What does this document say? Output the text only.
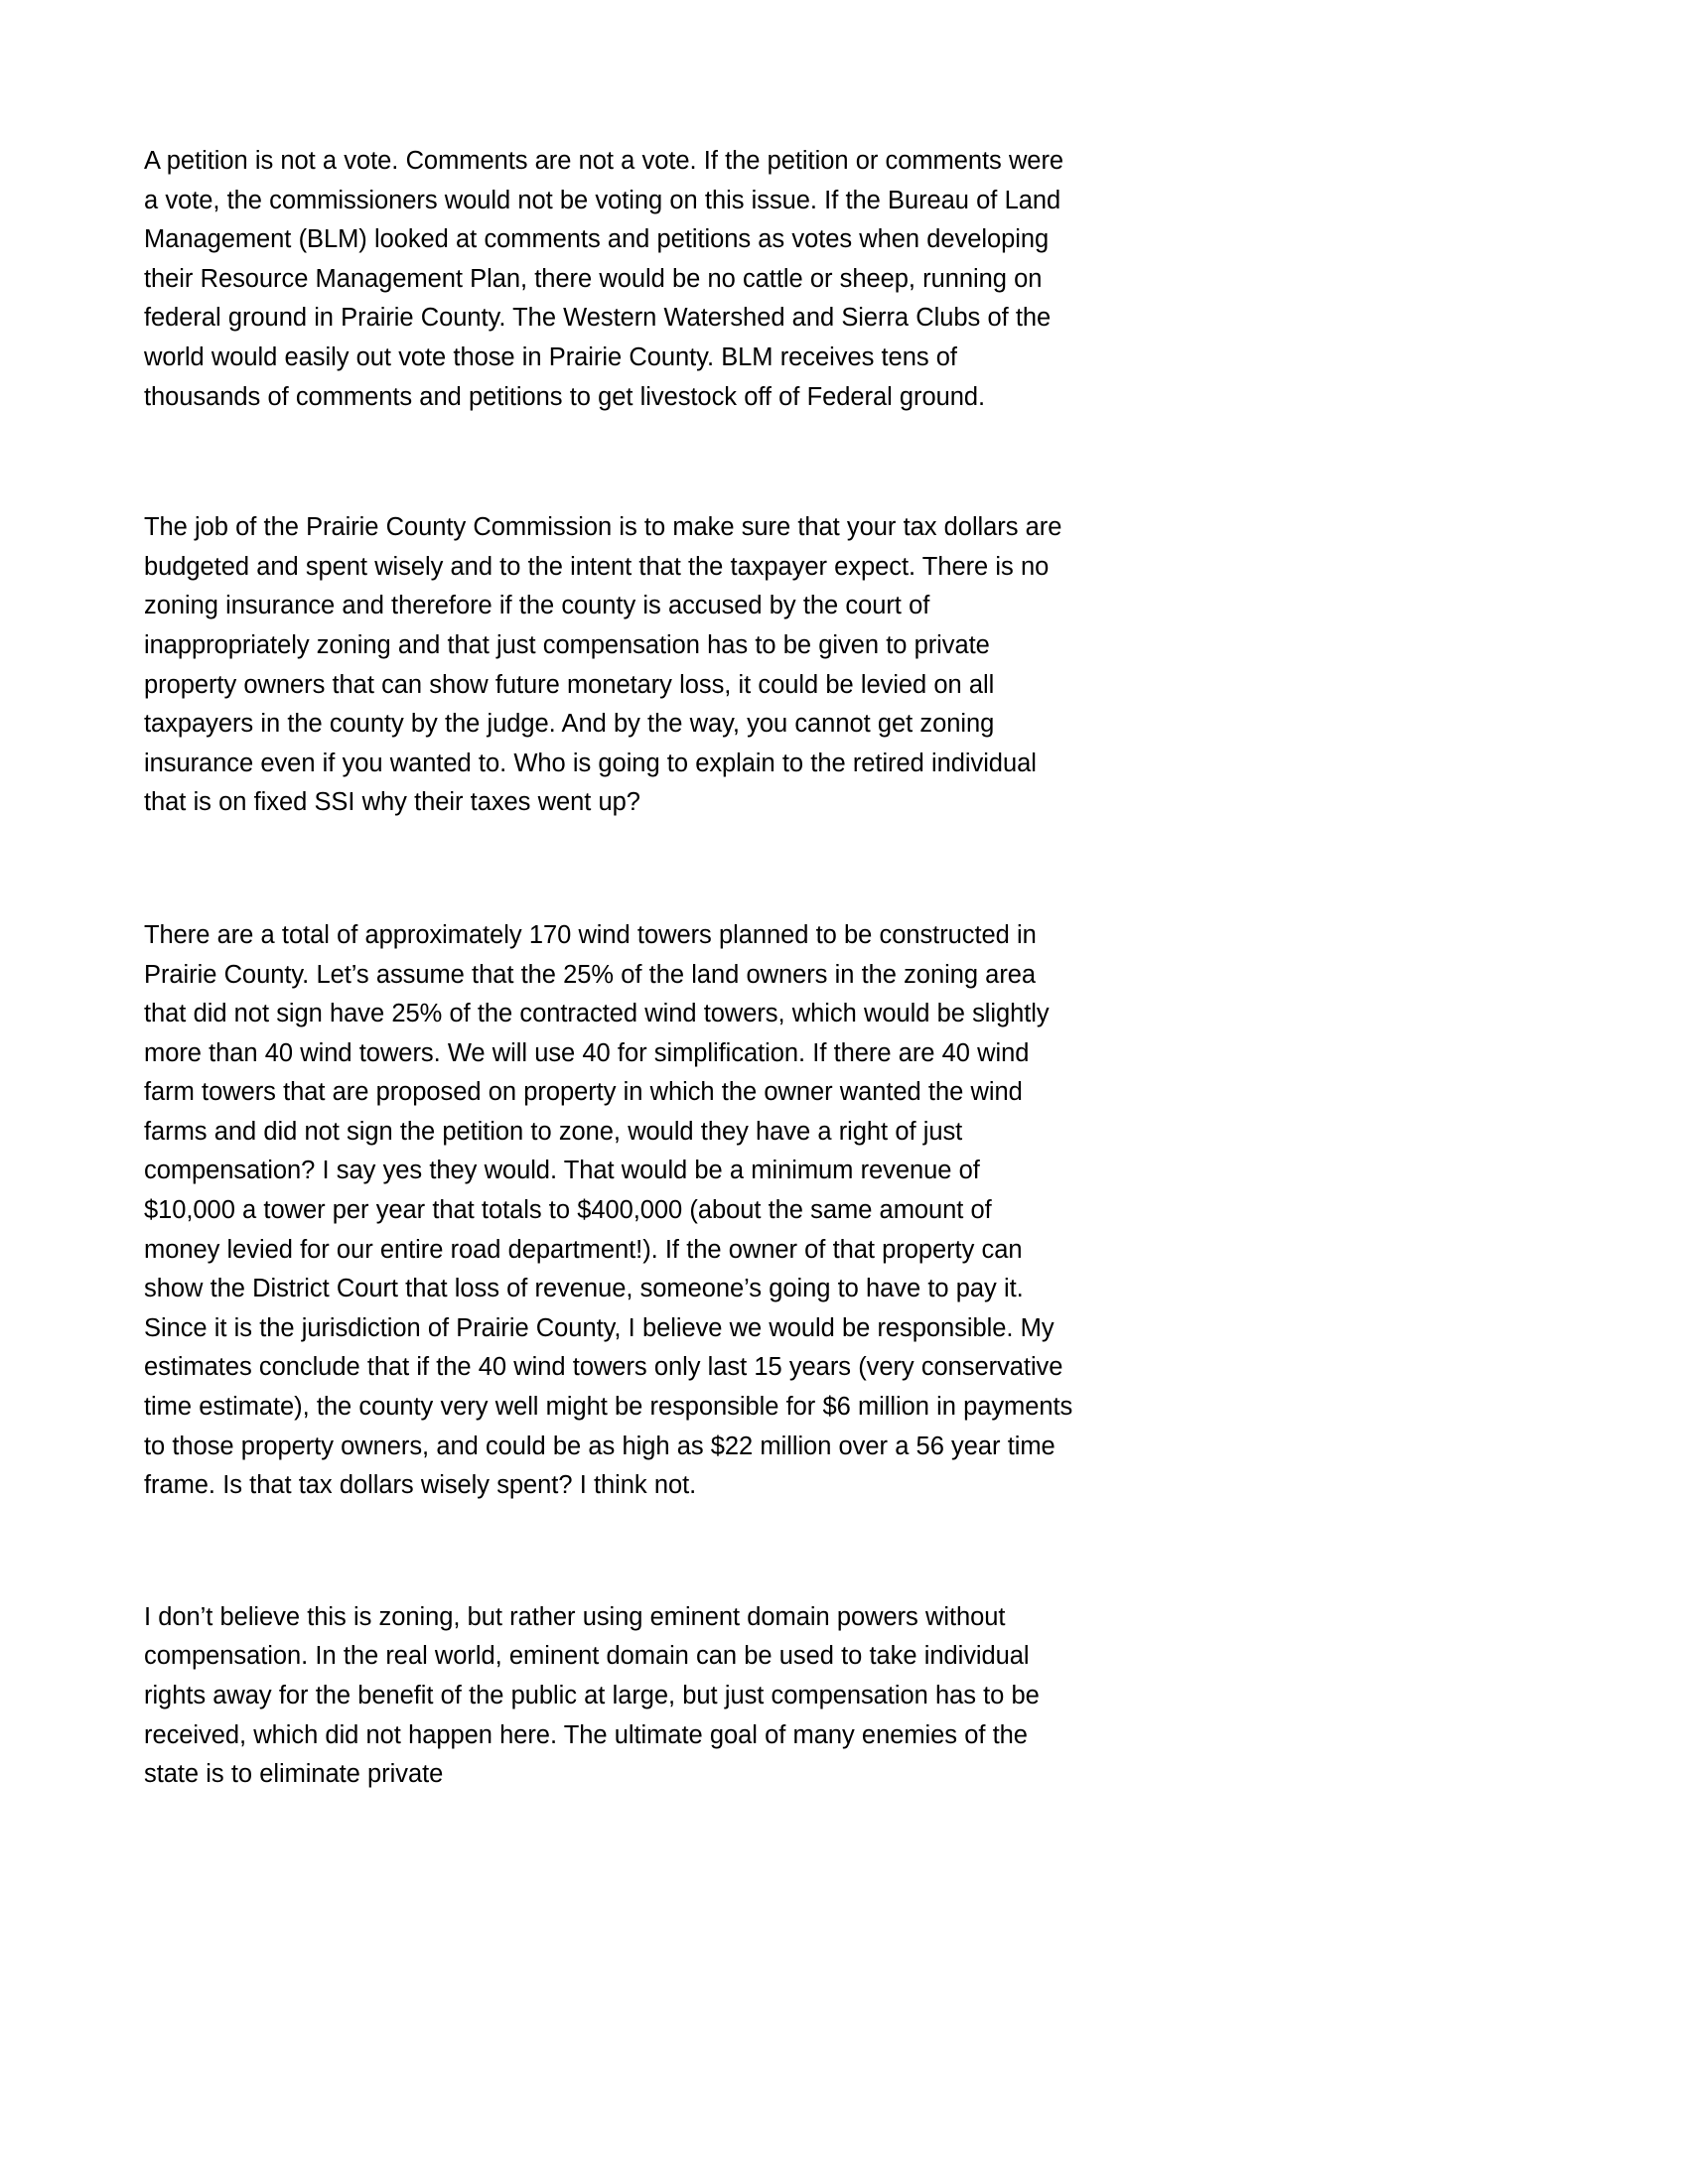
A petition is not a vote. Comments are not a vote. If the petition or comments were a vote, the commissioners would not be voting on this issue. If the Bureau of Land Management (BLM) looked at comments and petitions as votes when developing their Resource Management Plan, there would be no cattle or sheep, running on federal ground in Prairie County. The Western Watershed and Sierra Clubs of the world would easily out vote those in Prairie County. BLM receives tens of thousands of comments and petitions to get livestock off of Federal ground.

The job of the Prairie County Commission is to make sure that your tax dollars are budgeted and spent wisely and to the intent that the taxpayer expect. There is no zoning insurance and therefore if the county is accused by the court of inappropriately zoning and that just compensation has to be given to private property owners that can show future monetary loss, it could be levied on all taxpayers in the county by the judge. And by the way, you cannot get zoning insurance even if you wanted to. Who is going to explain to the retired individual that is on fixed SSI why their taxes went up?

There are a total of approximately 170 wind towers planned to be constructed in Prairie County. Let’s assume that the 25% of the land owners in the zoning area that did not sign have 25% of the contracted wind towers, which would be slightly more than 40 wind towers. We will use 40 for simplification. If there are 40 wind farm towers that are proposed on property in which the owner wanted the wind farms and did not sign the petition to zone, would they have a right of just compensation? I say yes they would. That would be a minimum revenue of $10,000 a tower per year that totals to $400,000 (about the same amount of money levied for our entire road department!). If the owner of that property can show the District Court that loss of revenue, someone’s going to have to pay it. Since it is the jurisdiction of Prairie County, I believe we would be responsible. My estimates conclude that if the 40 wind towers only last 15 years (very conservative time estimate), the county very well might be responsible for $6 million in payments to those property owners, and could be as high as $22 million over a 56 year time frame. Is that tax dollars wisely spent? I think not.

I don’t believe this is zoning, but rather using eminent domain powers without compensation. In the real world, eminent domain can be used to take individual rights away for the benefit of the public at large, but just compensation has to be received, which did not happen here. The ultimate goal of many enemies of the state is to eliminate private
